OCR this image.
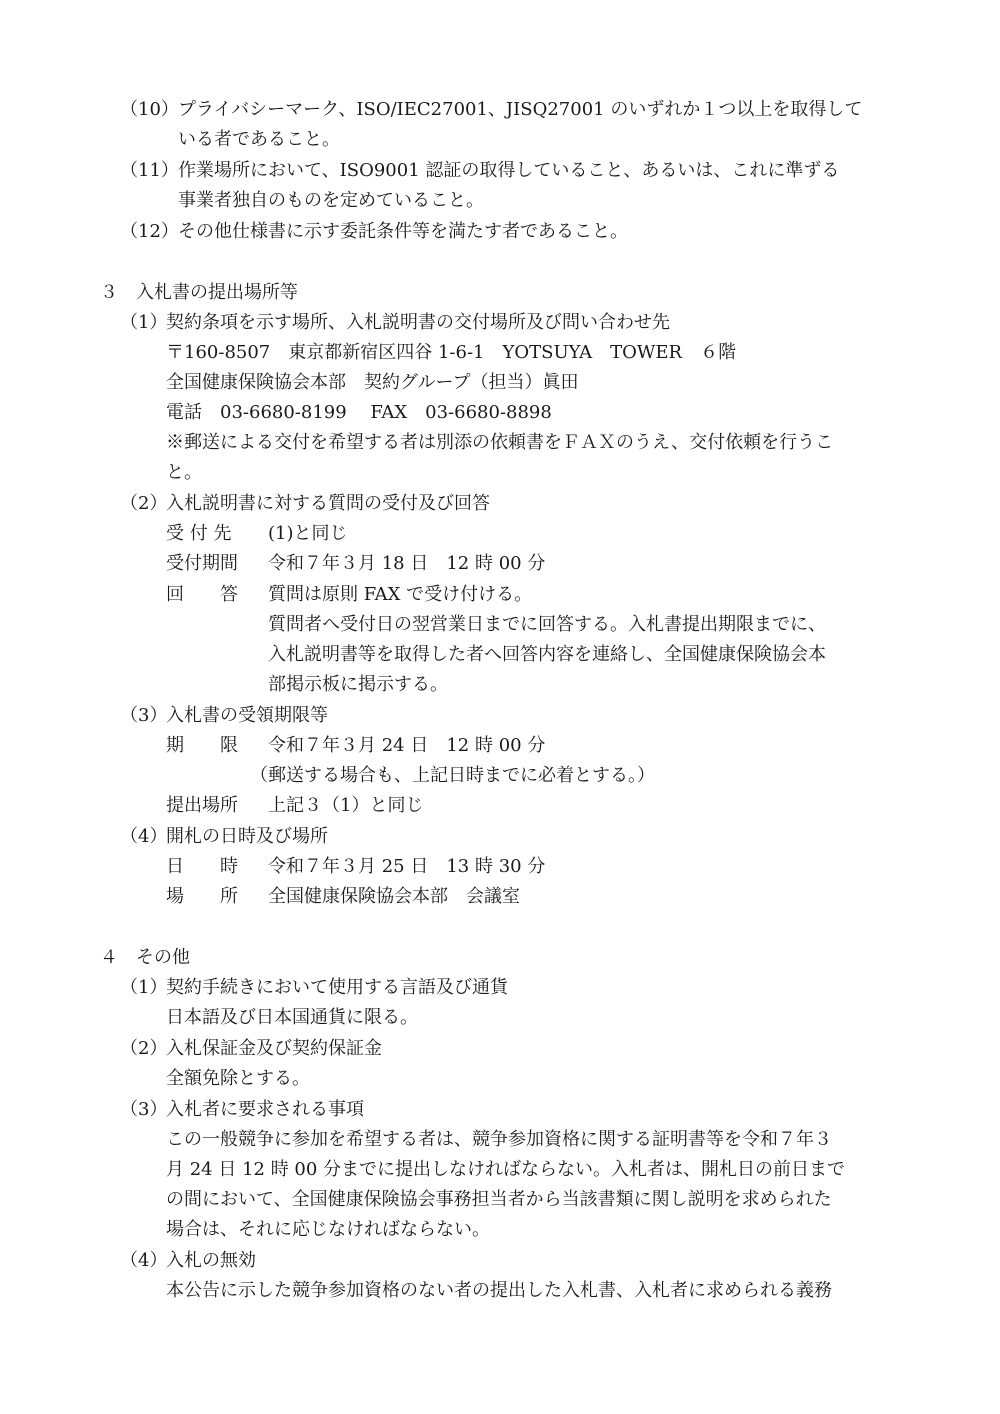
（10） プライバシーマーク、ISO/IEC27001、JISQ27001 のいずれか１つ以上を取得して
いる者であること。
（11） 作業場所において、ISO9001 認証の取得していること、あるいは、これに準ずる
事業者独自のものを定めていること。
（12） その他仕様書に示す委託条件等を満たす者であること。
３　入札書の提出場所等
（1）
契約条項を示す場所、入札説明書の交付場所及び問い合わせ先
〒160-8507　東京都新宿区四谷 1-6-1　YOTSUYA　TOWER　６階
全国健康保険協会本部　契約グループ（担当）眞田
電話　03-6680-8199　 FAX　03-6680-8898
※郵送による交付を希望する者は別添の依頼書をＦＡＸのうえ、交付依頼を行うこ
と。
（2）
入札説明書に対する質問の受付及び回答
受 付 先 (1)と同じ
受付期間 令和７年３月 18 日　12 時 00 分
回　　答 質問は原則 FAX で受け付ける。
質問者へ受付日の翌営業日までに回答する。入札書提出期限までに、
入札説明書等を取得した者へ回答内容を連絡し、全国健康保険協会本
部掲示板に掲示する。
（3）
入札書の受領期限等
期　　限 令和７年３月 24 日　12 時 00 分
（郵送する場合も、上記日時までに必着とする。）
提出場所 上記３（1）と同じ
（4）
開札の日時及び場所
日　　時 令和７年３月 25 日　13 時 30 分
場　　所 全国健康保険協会本部　会議室
４　その他
（1）
契約手続きにおいて使用する言語及び通貨
日本語及び日本国通貨に限る。
（2）
入札保証金及び契約保証金
全額免除とする。
（3）
入札者に要求される事項
この一般競争に参加を希望する者は、競争参加資格に関する証明書等を令和７年３
月 24 日 12 時 00 分までに提出しなければならない。入札者は、開札日の前日まで
の間において、全国健康保険協会事務担当者から当該書類に関し説明を求められた
場合は、それに応じなければならない。
（4）
入札の無効
本公告に示した競争参加資格のない者の提出した入札書、入札者に求められる義務
